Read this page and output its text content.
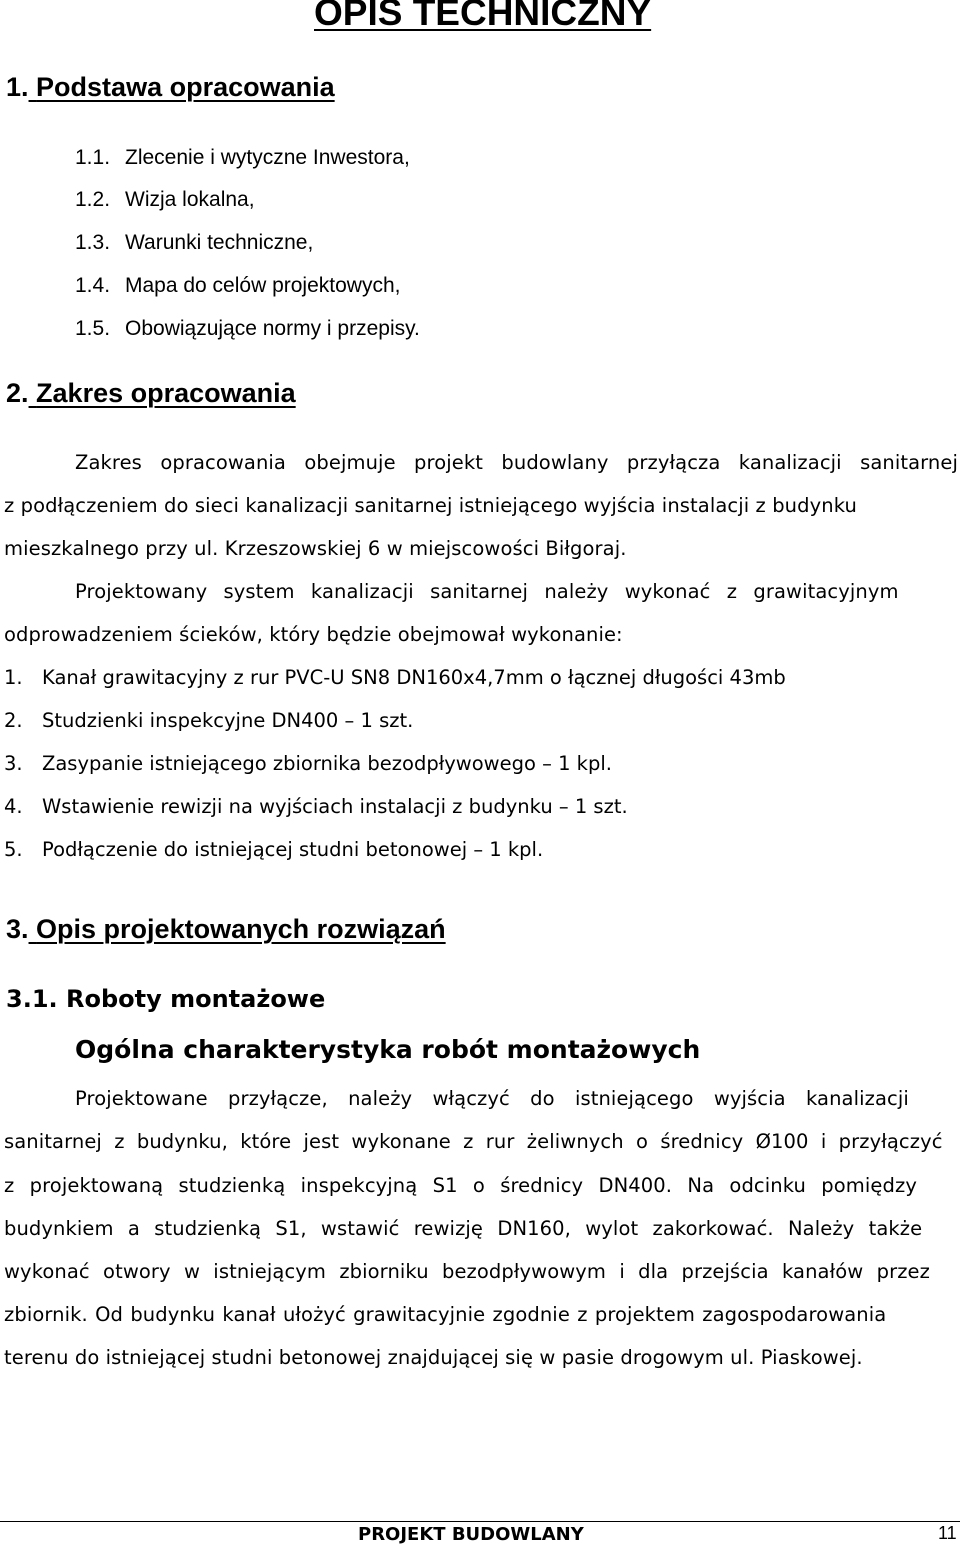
OPIS TECHNICZNY
1. Podstawa opracowania
1.1. Zlecenie i wytyczne Inwestora,
1.2. Wizja lokalna,
1.3. Warunki techniczne,
1.4. Mapa do celów projektowych,
1.5. Obowiązujące normy i przepisy.
2. Zakres opracowania
Zakres opracowania obejmuje projekt budowlany przyłącza kanalizacji sanitarnej
z podłączeniem do sieci kanalizacji sanitarnej istniejącego wyjścia instalacji z budynku
mieszkalnego przy ul. Krzeszowskiej 6 w miejscowości Biłgoraj.
Projektowany system kanalizacji sanitarnej należy wykonać z grawitacyjnym
odprowadzeniem ścieków, który będzie obejmował wykonanie:
1. Kanał grawitacyjny z rur PVC-U SN8 DN160x4,7mm o łącznej długości 43mb
2. Studzienki inspekcyjne DN400 – 1 szt.
3. Zasypanie istniejącego zbiornika bezodpływowego – 1 kpl.
4. Wstawienie rewizji na wyjściach instalacji z budynku – 1 szt.
5. Podłączenie do istniejącej studni betonowej – 1 kpl.
3. Opis projektowanych rozwiązań
3.1. Roboty montażowe
Ogólna charakterystyka robót montażowych
Projektowane przyłącze, należy włączyć do istniejącego wyjścia kanalizacji
sanitarnej z budynku, które jest wykonane z rur żeliwnych o średnicy Ø100 i przyłączyć
z projektowaną studzienką inspekcyjną S1 o średnicy DN400. Na odcinku pomiędzy
budynkiem a studzienką S1, wstawić rewizję DN160, wylot zakorkować. Należy także
wykonać otwory w istniejącym zbiorniku bezodpływowym i dla przejścia kanałów przez
zbiornik. Od budynku kanał ułożyć grawitacyjnie zgodnie z projektem zagospodarowania
terenu do istniejącej studni betonowej znajdującej się w pasie drogowym ul. Piaskowej.
PROJEKT BUDOWLANY	11
